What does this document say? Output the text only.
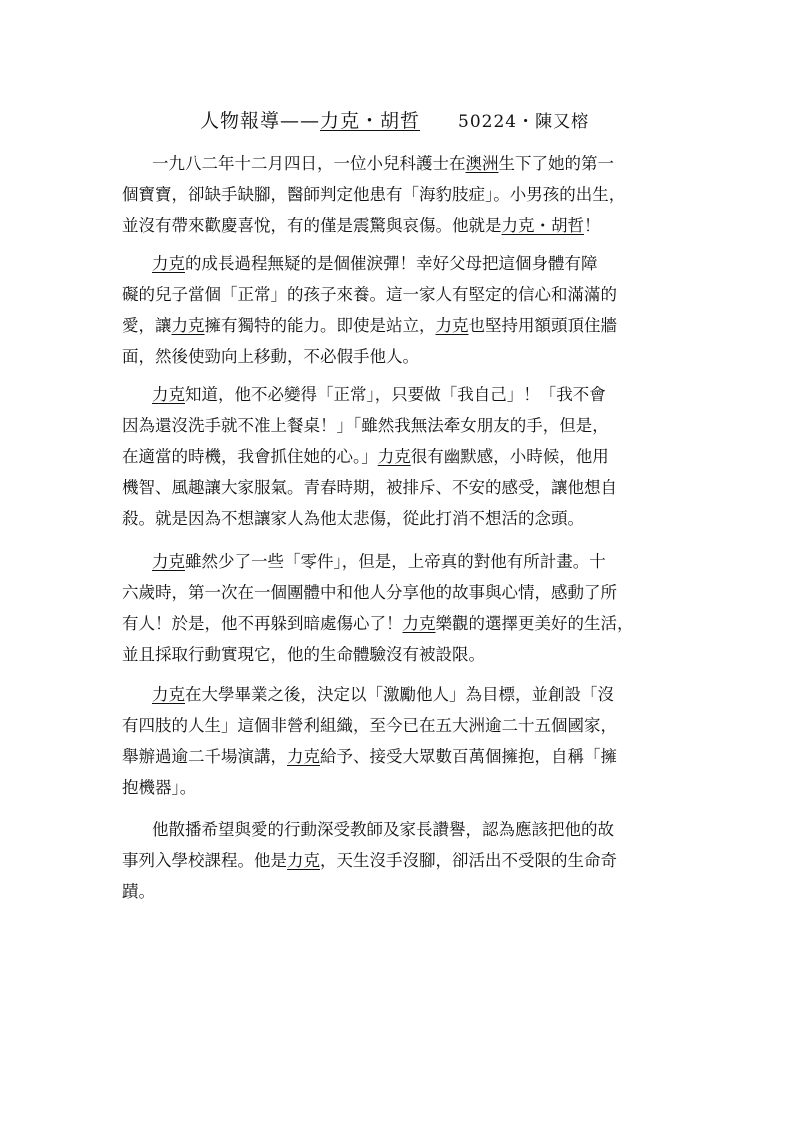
人物報導——力克・胡哲 50224・陳又榕
一九八二年十二月四日，一位小兒科護士在澳洲生下了她的第一
個寶寶，卻缺手缺腳，醫師判定他患有「海豹肢症」。小男孩的出生，
並沒有帶來歡慶喜悅，有的僅是震驚與哀傷。他就是力克・胡哲！
力克的成長過程無疑的是個催淚彈！幸好父母把這個身體有障
礙的兒子當個「正常」的孩子來養。這一家人有堅定的信心和滿滿的
愛，讓力克擁有獨特的能力。即使是站立，力克也堅持用額頭頂住牆
面，然後使勁向上移動，不必假手他人。
力克知道，他不必變得「正常」，只要做「我自己」！「我不會
因為還沒洗手就不准上餐桌！」「雖然我無法牽女朋友的手，但是，
在適當的時機，我會抓住她的心。」力克很有幽默感，小時候，他用
機智、風趣讓大家服氣。青春時期，被排斥、不安的感受，讓他想自
殺。就是因為不想讓家人為他太悲傷，從此打消不想活的念頭。
力克雖然少了一些「零件」，但是，上帝真的對他有所計畫。十
六歲時，第一次在一個團體中和他人分享他的故事與心情，感動了所
有人！於是，他不再躲到暗處傷心了！力克樂觀的選擇更美好的生活，
並且採取行動實現它，他的生命體驗沒有被設限。
力克在大學畢業之後，決定以「激勵他人」為目標，並創設「沒
有四肢的人生」這個非營利組織，至今已在五大洲逾二十五個國家，
舉辦過逾二千場演講，力克給予、接受大眾數百萬個擁抱，自稱「擁
抱機器」。
他散播希望與愛的行動深受教師及家長讚譽，認為應該把他的故
事列入學校課程。他是力克，天生沒手沒腳，卻活出不受限的生命奇
蹟。
